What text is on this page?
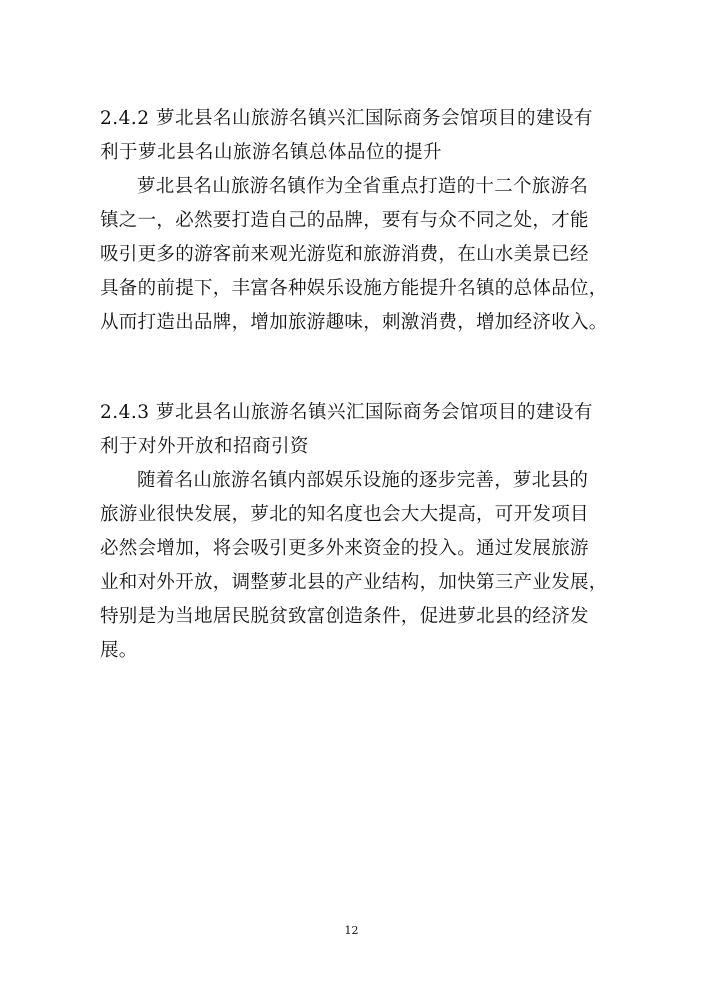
2.4.2 萝北县名山旅游名镇兴汇国际商务会馆项目的建设有
利于萝北县名山旅游名镇总体品位的提升
萝北县名山旅游名镇作为全省重点打造的十二个旅游名
镇之一，必然要打造自己的品牌，要有与众不同之处，才能
吸引更多的游客前来观光游览和旅游消费，在山水美景已经
具备的前提下，丰富各种娱乐设施方能提升名镇的总体品位，
从而打造出品牌，增加旅游趣味，刺激消费，增加经济收入。
2.4.3 萝北县名山旅游名镇兴汇国际商务会馆项目的建设有
利于对外开放和招商引资
随着名山旅游名镇内部娱乐设施的逐步完善，萝北县的
旅游业很快发展，萝北的知名度也会大大提高，可开发项目
必然会增加，将会吸引更多外来资金的投入。通过发展旅游
业和对外开放，调整萝北县的产业结构，加快第三产业发展，
特别是为当地居民脱贫致富创造条件，促进萝北县的经济发
展。
12
